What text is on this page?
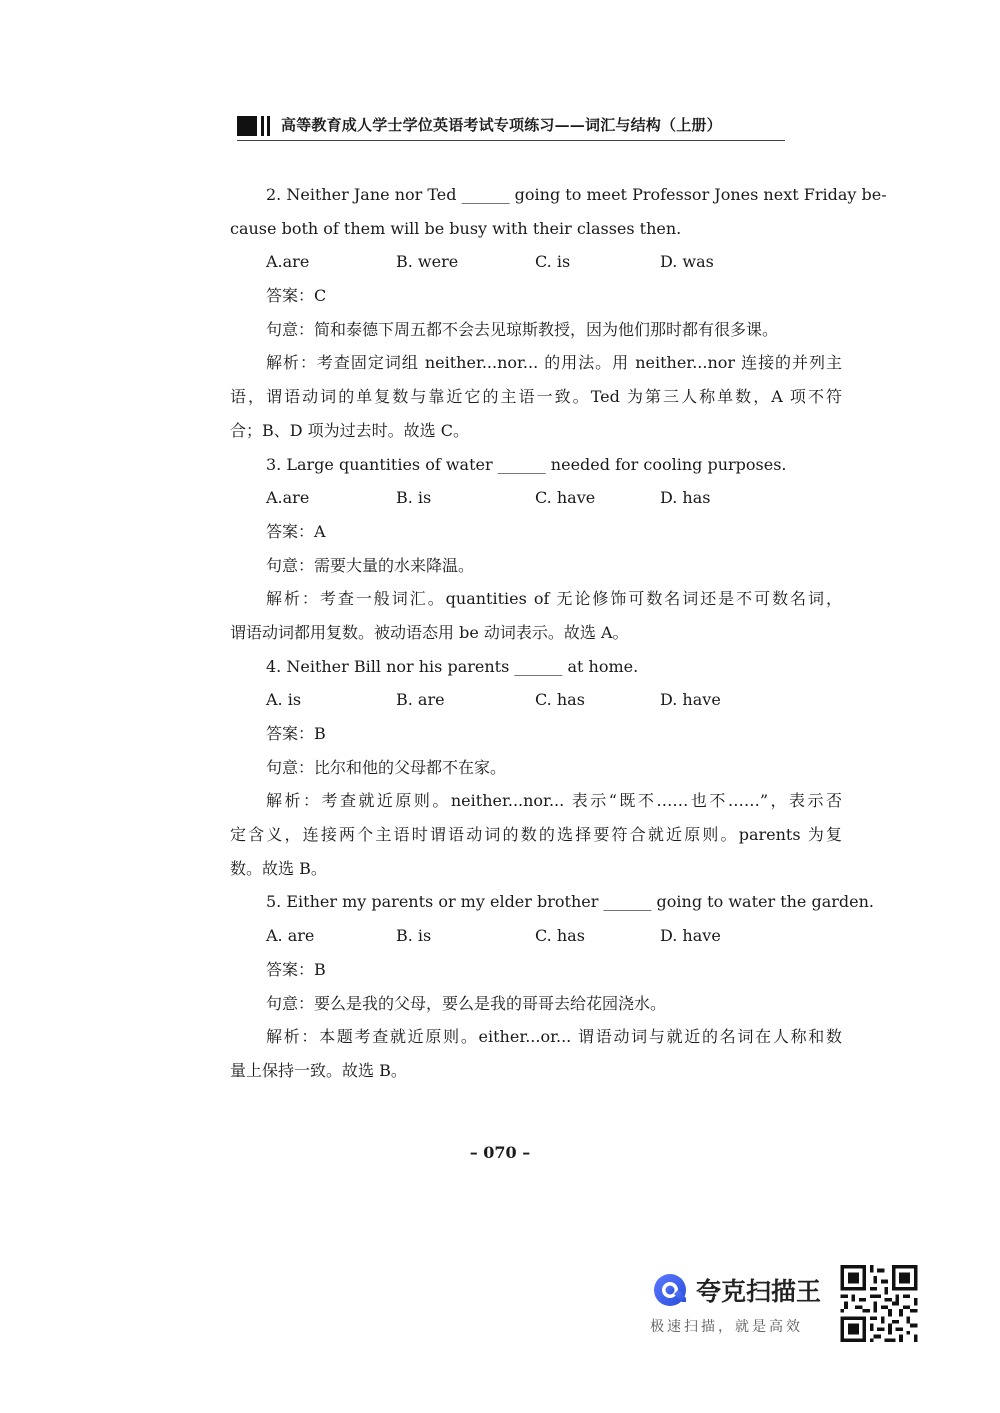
高等教育成人学士学位英语考试专项练习——词汇与结构（上册）
2. Neither Jane nor Ted ______ going to meet Professor Jones next Friday be-
cause both of them will be busy with their classes then.
A.are	B. were	C. is	D. was
答案：C
句意：简和泰德下周五都不会去见琼斯教授，因为他们那时都有很多课。
解析：考查固定词组 neither...nor... 的用法。用 neither...nor 连接的并列主
语，谓语动词的单复数与靠近它的主语一致。Ted 为第三人称单数，A 项不符
合；B、D 项为过去时。故选 C。
3. Large quantities of water ______ needed for cooling purposes.
A.are	B. is	C. have	D. has
答案：A
句意：需要大量的水来降温。
解析：考查一般词汇。quantities of 无论修饰可数名词还是不可数名词，
谓语动词都用复数。被动语态用 be 动词表示。故选 A。
4. Neither Bill nor his parents ______ at home.
A. is	B. are	C. has	D. have
答案：B
句意：比尔和他的父母都不在家。
解析：考查就近原则。neither...nor... 表示“既不……也不……”，表示否
定含义，连接两个主语时谓语动词的数的选择要符合就近原则。parents 为复
数。故选 B。
5. Either my parents or my elder brother ______ going to water the garden.
A. are	B. is	C. has	D. have
答案：B
句意：要么是我的父母，要么是我的哥哥去给花园浇水。
解析：本题考查就近原则。either...or... 谓语动词与就近的名词在人称和数
量上保持一致。故选 B。
– 070 –
夸克扫描王
极速扫描，就是高效
